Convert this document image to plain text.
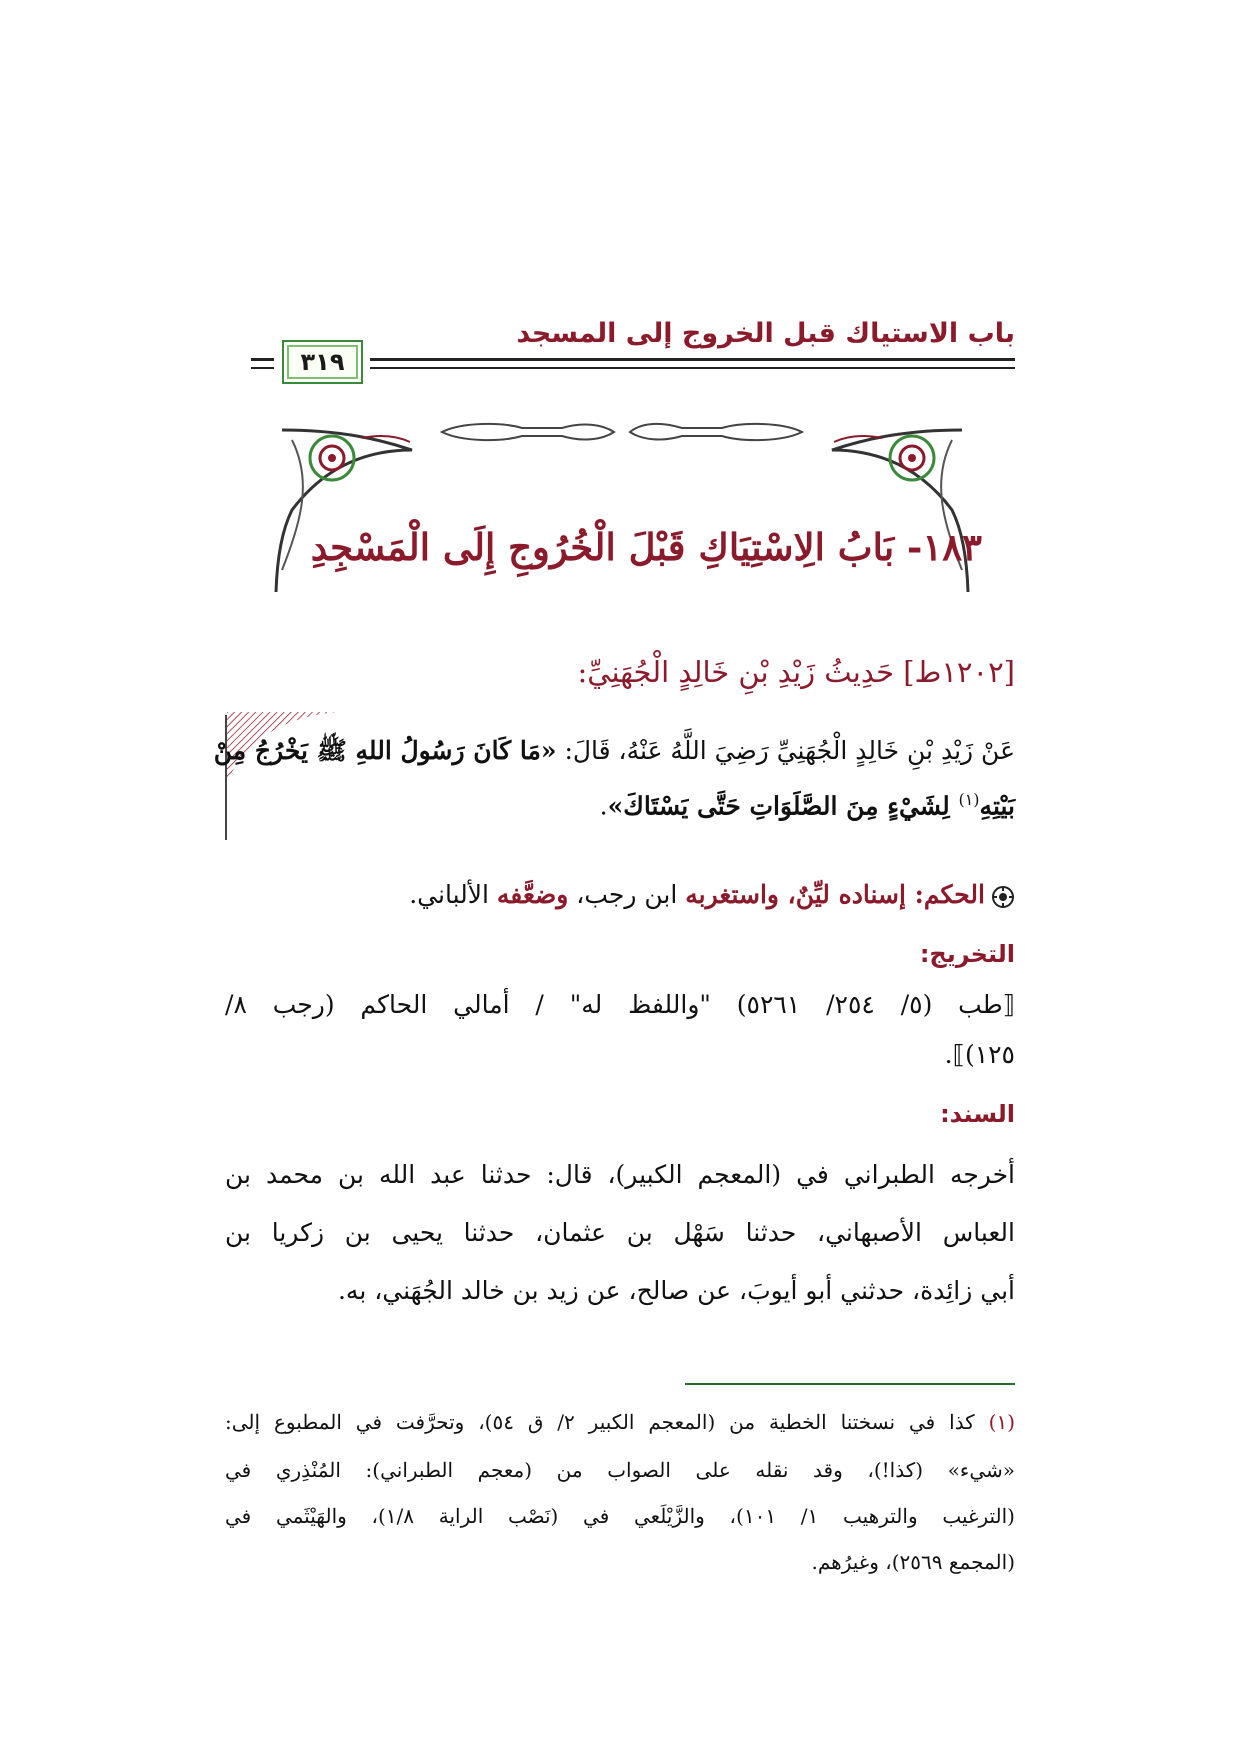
باب الاستياك قبل الخروج إلى المسجد
٣١٩
١٨٣- بَابُ الِاسْتِيَاكِ قَبْلَ الْخُرُوجِ إِلَى الْمَسْجِدِ
[١٢٠٢ط] حَدِيثُ زَيْدِ بْنِ خَالِدٍ الْجُهَنِيِّ:
عَنْ زَيْدِ بْنِ خَالِدٍ الْجُهَنِيِّ رَضِيَ اللَّهُ عَنْهُ، قَالَ: «مَا كَانَ رَسُولُ اللهِ ﷺ يَخْرُجُ مِنْ
بَيْتِهِ$^{(١)}$ لِشَيْءٍ مِنَ الصَّلَوَاتِ حَتَّى يَسْتَاكَ».
الحكم: إسناده ليِّنٌ، واستغربه ابن رجب، وضعَّفه الألباني.
التخريج:
⟦طب (٥/ ٢٥٤/ ٥٢٦١) "واللفظ له" / أمالي الحاكم (رجب ٨/
١٢٥)⟧.
السند:
أخرجه الطبراني في (المعجم الكبير)، قال: حدثنا عبد الله بن محمد بن
العباس الأصبهاني، حدثنا سَهْل بن عثمان، حدثنا يحيى بن زكريا بن
أبي زائِدة، حدثني أبو أيوبَ، عن صالح، عن زيد بن خالد الجُهَني، به.
(١) كذا في نسختنا الخطية من (المعجم الكبير ٢/ ق ٥٤)، وتحرَّفت في المطبوع إلى:
«شيء» (كذا!)، وقد نقله على الصواب من (معجم الطبراني): المُنْذِري في
(الترغيب والترهيب ١/ ١٠١)، والزَّيْلَعي في (نَصْب الراية ١/٨)، والهَيْثَمي في
(المجمع ٢٥٦٩)، وغيرُهم.
